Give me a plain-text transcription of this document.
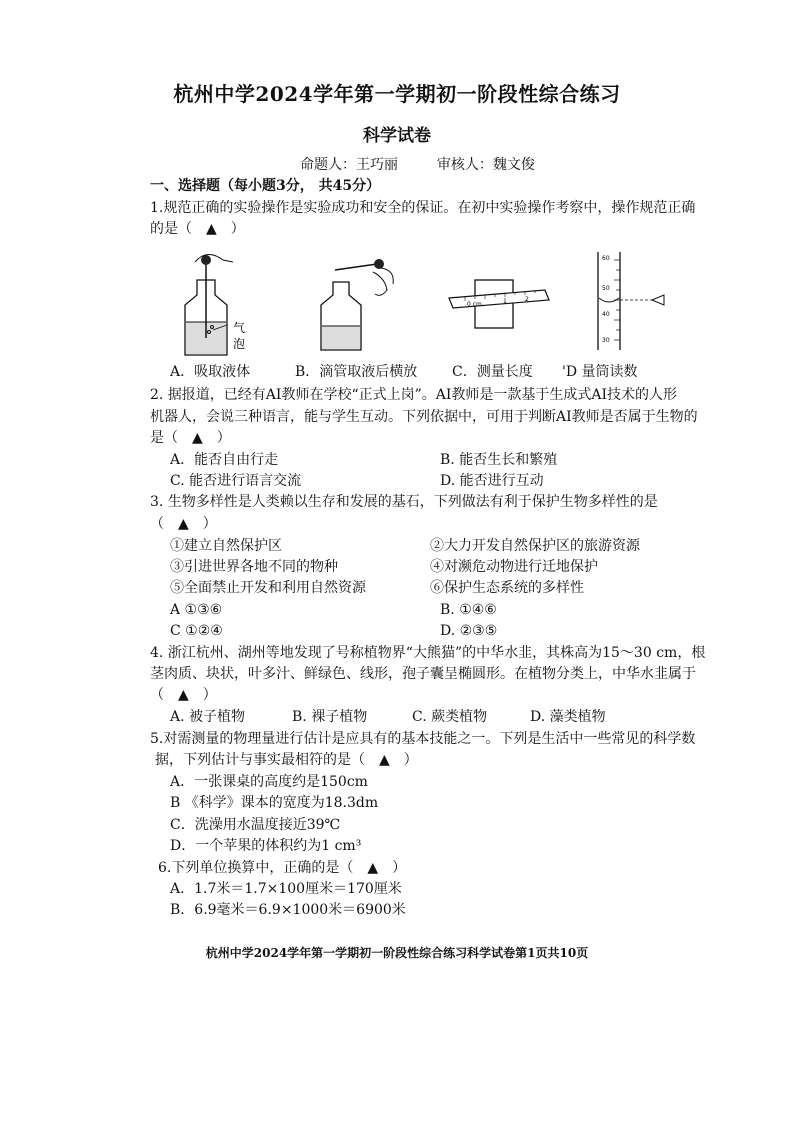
杭州中学2024学年第一学期初一阶段性综合练习
科学试卷
命题人：王巧丽	审核人：魏文俊
一、选择题（每小题3分， 共45分）
1.规范正确的实验操作是实验成功和安全的保证。在初中实验操作考察中，操作规范正确
的是（　▲　）
气
泡
0 cm	1	2
60
50
40
30
A．吸取液体	B．滴管取液后横放 C．测量长度 'D 量筒读数
2. 据报道，已经有AI教师在学校“正式上岗”。AI教师是一款基于生成式AI技术的人形
机器人，会说三种语言，能与学生互动。下列依据中，可用于判断AI教师是否属于生物的
是（　▲　）
A．能否自由行走	B. 能否生长和繁殖
C. 能否进行语言交流	D. 能否进行互动
3. 生物多样性是人类赖以生存和发展的基石，下列做法有利于保护生物多样性的是
（　▲　）
①建立自然保护区	②大力开发自然保护区的旅游资源
③引进世界各地不同的物种	④对濒危动物进行迁地保护
⑤全面禁止开发和利用自然资源	⑥保护生态系统的多样性
A ①③⑥	B. ①④⑥
C ①②④	D. ②③⑤
4. 浙江杭州、湖州等地发现了号称植物界“大熊猫”的中华水韭，其株高为15～30 cm，根
茎肉质、块状，叶多汁、鲜绿色、线形，孢子囊呈椭圆形。在植物分类上，中华水韭属于
（　▲　）
A. 被子植物	B. 裸子植物	C. 蕨类植物	D. 藻类植物
5.对需测量的物理量进行估计是应具有的基本技能之一。下列是生活中一些常见的科学数
据，下列估计与事实最相符的是（　▲　）
A．一张课桌的高度约是150cm
B 《科学》课本的宽度为18.3dm
C．洗澡用水温度接近39℃
D．一个苹果的体积约为1 cm³
6.下列单位换算中，正确的是（　▲　）
A．1.7米＝1.7×100厘米＝170厘米
B．6.9毫米＝6.9×1000米＝6900米
杭州中学2024学年第一学期初一阶段性综合练习科学试卷第1页共10页
